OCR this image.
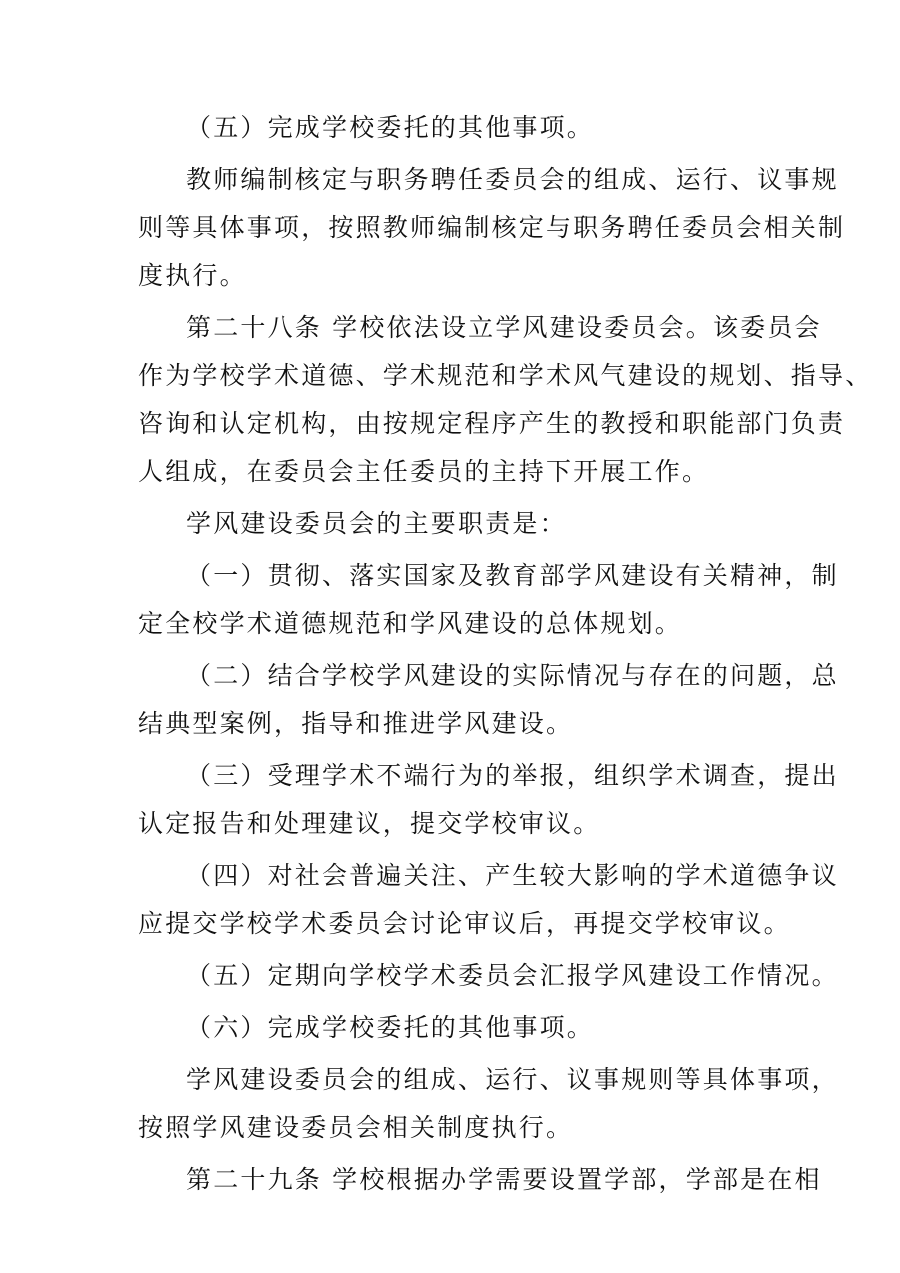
（五）完成学校委托的其他事项。
教师编制核定与职务聘任委员会的组成、运行、议事规
则等具体事项，按照教师编制核定与职务聘任委员会相关制
度执行。
第二十八条 学校依法设立学风建设委员会。该委员会
作为学校学术道德、学术规范和学术风气建设的规划、指导、
咨询和认定机构，由按规定程序产生的教授和职能部门负责
人组成，在委员会主任委员的主持下开展工作。
学风建设委员会的主要职责是：
（一）贯彻、落实国家及教育部学风建设有关精神，制
定全校学术道德规范和学风建设的总体规划。
（二）结合学校学风建设的实际情况与存在的问题，总
结典型案例，指导和推进学风建设。
（三）受理学术不端行为的举报，组织学术调查，提出
认定报告和处理建议，提交学校审议。
（四）对社会普遍关注、产生较大影响的学术道德争议
应提交学校学术委员会讨论审议后，再提交学校审议。
（五）定期向学校学术委员会汇报学风建设工作情况。
（六）完成学校委托的其他事项。
学风建设委员会的组成、运行、议事规则等具体事项，
按照学风建设委员会相关制度执行。
第二十九条 学校根据办学需要设置学部，学部是在相
